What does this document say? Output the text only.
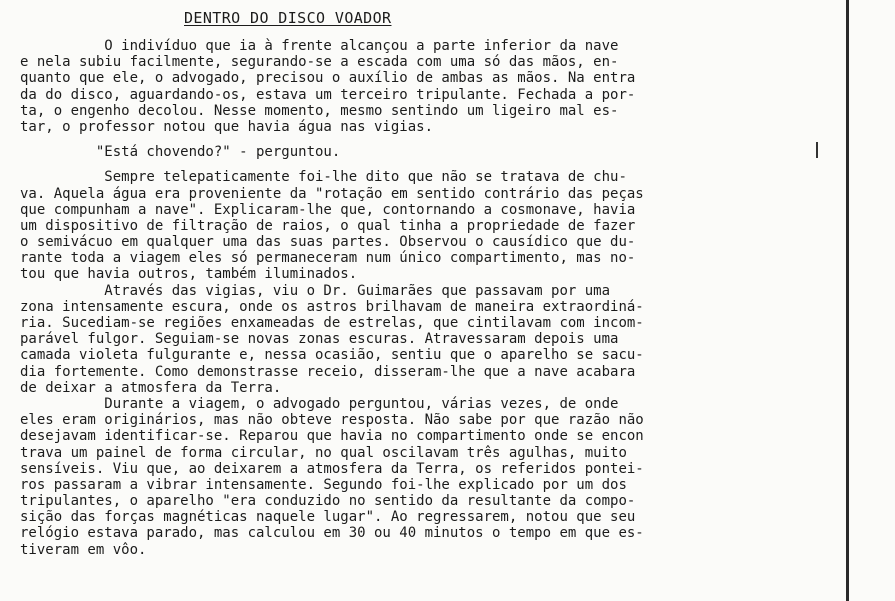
DENTRO DO DISCO VOADOR
O indivíduo que ia à frente alcançou a parte inferior da nave
e nela subiu facilmente, segurando-se a escada com uma só das mãos, en-
quanto que ele, o advogado, precisou o auxílio de ambas as mãos. Na entra
da do disco, aguardando-os, estava um terceiro tripulante. Fechada a por-
ta, o engenho decolou. Nesse momento, mesmo sentindo um ligeiro mal es-
tar, o professor notou que havia água nas vigias.
"Está chovendo?" - perguntou.
Sempre telepaticamente foi-lhe dito que não se tratava de chu-
va. Aquela água era proveniente da "rotação em sentido contrário das peças
que compunham a nave". Explicaram-lhe que, contornando a cosmonave, havia
um dispositivo de filtração de raios, o qual tinha a propriedade de fazer
o semivácuo em qualquer uma das suas partes. Observou o causídico que du-
rante toda a viagem eles só permaneceram num único compartimento, mas no-
tou que havia outros, também iluminados.
Através das vigias, viu o Dr. Guimarães que passavam por uma
zona intensamente escura, onde os astros brilhavam de maneira extraordiná-
ria. Sucediam-se regiões enxameadas de estrelas, que cintilavam com incom-
parável fulgor. Seguiam-se novas zonas escuras. Atravessaram depois uma
camada violeta fulgurante e, nessa ocasião, sentiu que o aparelho se sacu-
dia fortemente. Como demonstrasse receio, disseram-lhe que a nave acabara
de deixar a atmosfera da Terra.
Durante a viagem, o advogado perguntou, várias vezes, de onde
eles eram originários, mas não obteve resposta. Não sabe por que razão não
desejavam identificar-se. Reparou que havia no compartimento onde se encon
trava um painel de forma circular, no qual oscilavam três agulhas, muito
sensíveis. Viu que, ao deixarem a atmosfera da Terra, os referidos pontei-
ros passaram a vibrar intensamente. Segundo foi-lhe explicado por um dos
tripulantes, o aparelho "era conduzido no sentido da resultante da compo-
sição das forças magnéticas naquele lugar". Ao regressarem, notou que seu
relógio estava parado, mas calculou em 30 ou 40 minutos o tempo em que es-
tiveram em vôo.
